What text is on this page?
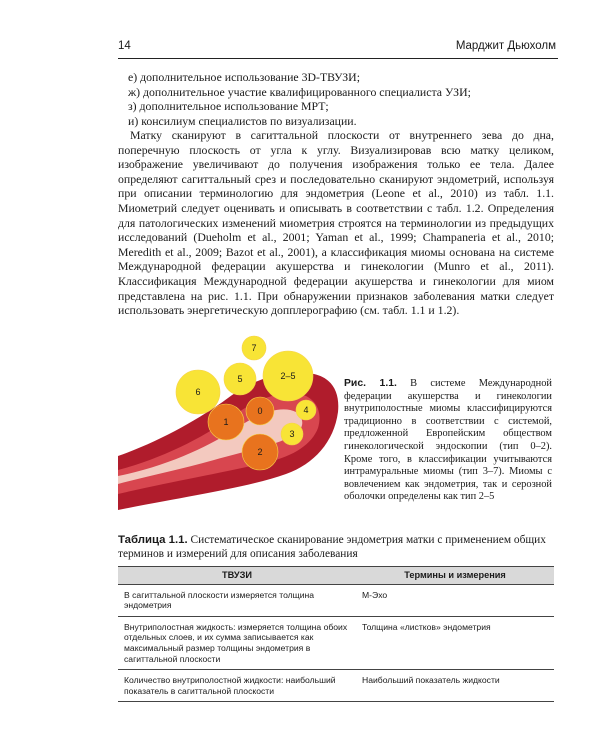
14	Марджит Дьюхолм
е) дополнительное использование 3D-ТВУЗИ;
ж) дополнительное участие квалифицированного специалиста УЗИ;
з) дополнительное использование МРТ;
и) консилиум специалистов по визуализации.

Матку сканируют в сагиттальной плоскости от внутреннего зева до дна, поперечную плоскость от угла к углу. Визуализировав всю матку целиком, изображение увеличивают до получения изображения только ее тела. Далее определяют сагиттальный срез и последовательно сканируют эндометрий, используя при описании терминологию для эндометрия (Leone et al., 2010) из табл. 1.1. Миометрий следует оценивать и описывать в соответствии с табл. 1.2. Определения для патологических изменений миометрия строятся на терминологии из предыдущих исследований (Dueholm et al., 2001; Yaman et al., 1999; Champaneria et al., 2010; Meredith et al., 2009; Bazot et al., 2001), а классификация миомы основана на системе Международной федерации акушерства и гинекологии (Munro et al., 2011). Классификация Международной федерации акушерства и гинекологии для миом представлена на рис. 1.1. При обнаружении признаков заболевания матки следует использовать энергетическую допплерографию (см. табл. 1.1 и 1.2).

7
6
5	2–5
0	4
1
3
2
Рис. 1.1. В системе Международной федерации акушерства и гинекологии внутриполостные миомы классифицируются традиционно в соответствии с системой, предложенной Европейским обществом гинекологической эндоскопии (тип 0–2). Кроме того, в классификации учитываются интрамуральные миомы (тип 3–7). Миомы с вовлечением как эндометрия, так и серозной оболочки определены как тип 2–5
Таблица 1.1. Систематическое сканирование эндометрия матки с применением общих терминов и измерений для описания заболевания
ТВУЗИ	Термины и измерения
В сагиттальной плоскости измеряется толщина эндометрия	М-Эхо
Внутриполостная жидкость: измеряется толщина обоих отдельных слоев, и их сумма записывается как максимальный размер толщины эндометрия в сагиттальной плоскости	Толщина «листков» эндометрия
Количество внутриполостной жидкости: наибольший показатель в сагиттальной плоскости	Наибольший показатель жидкости
